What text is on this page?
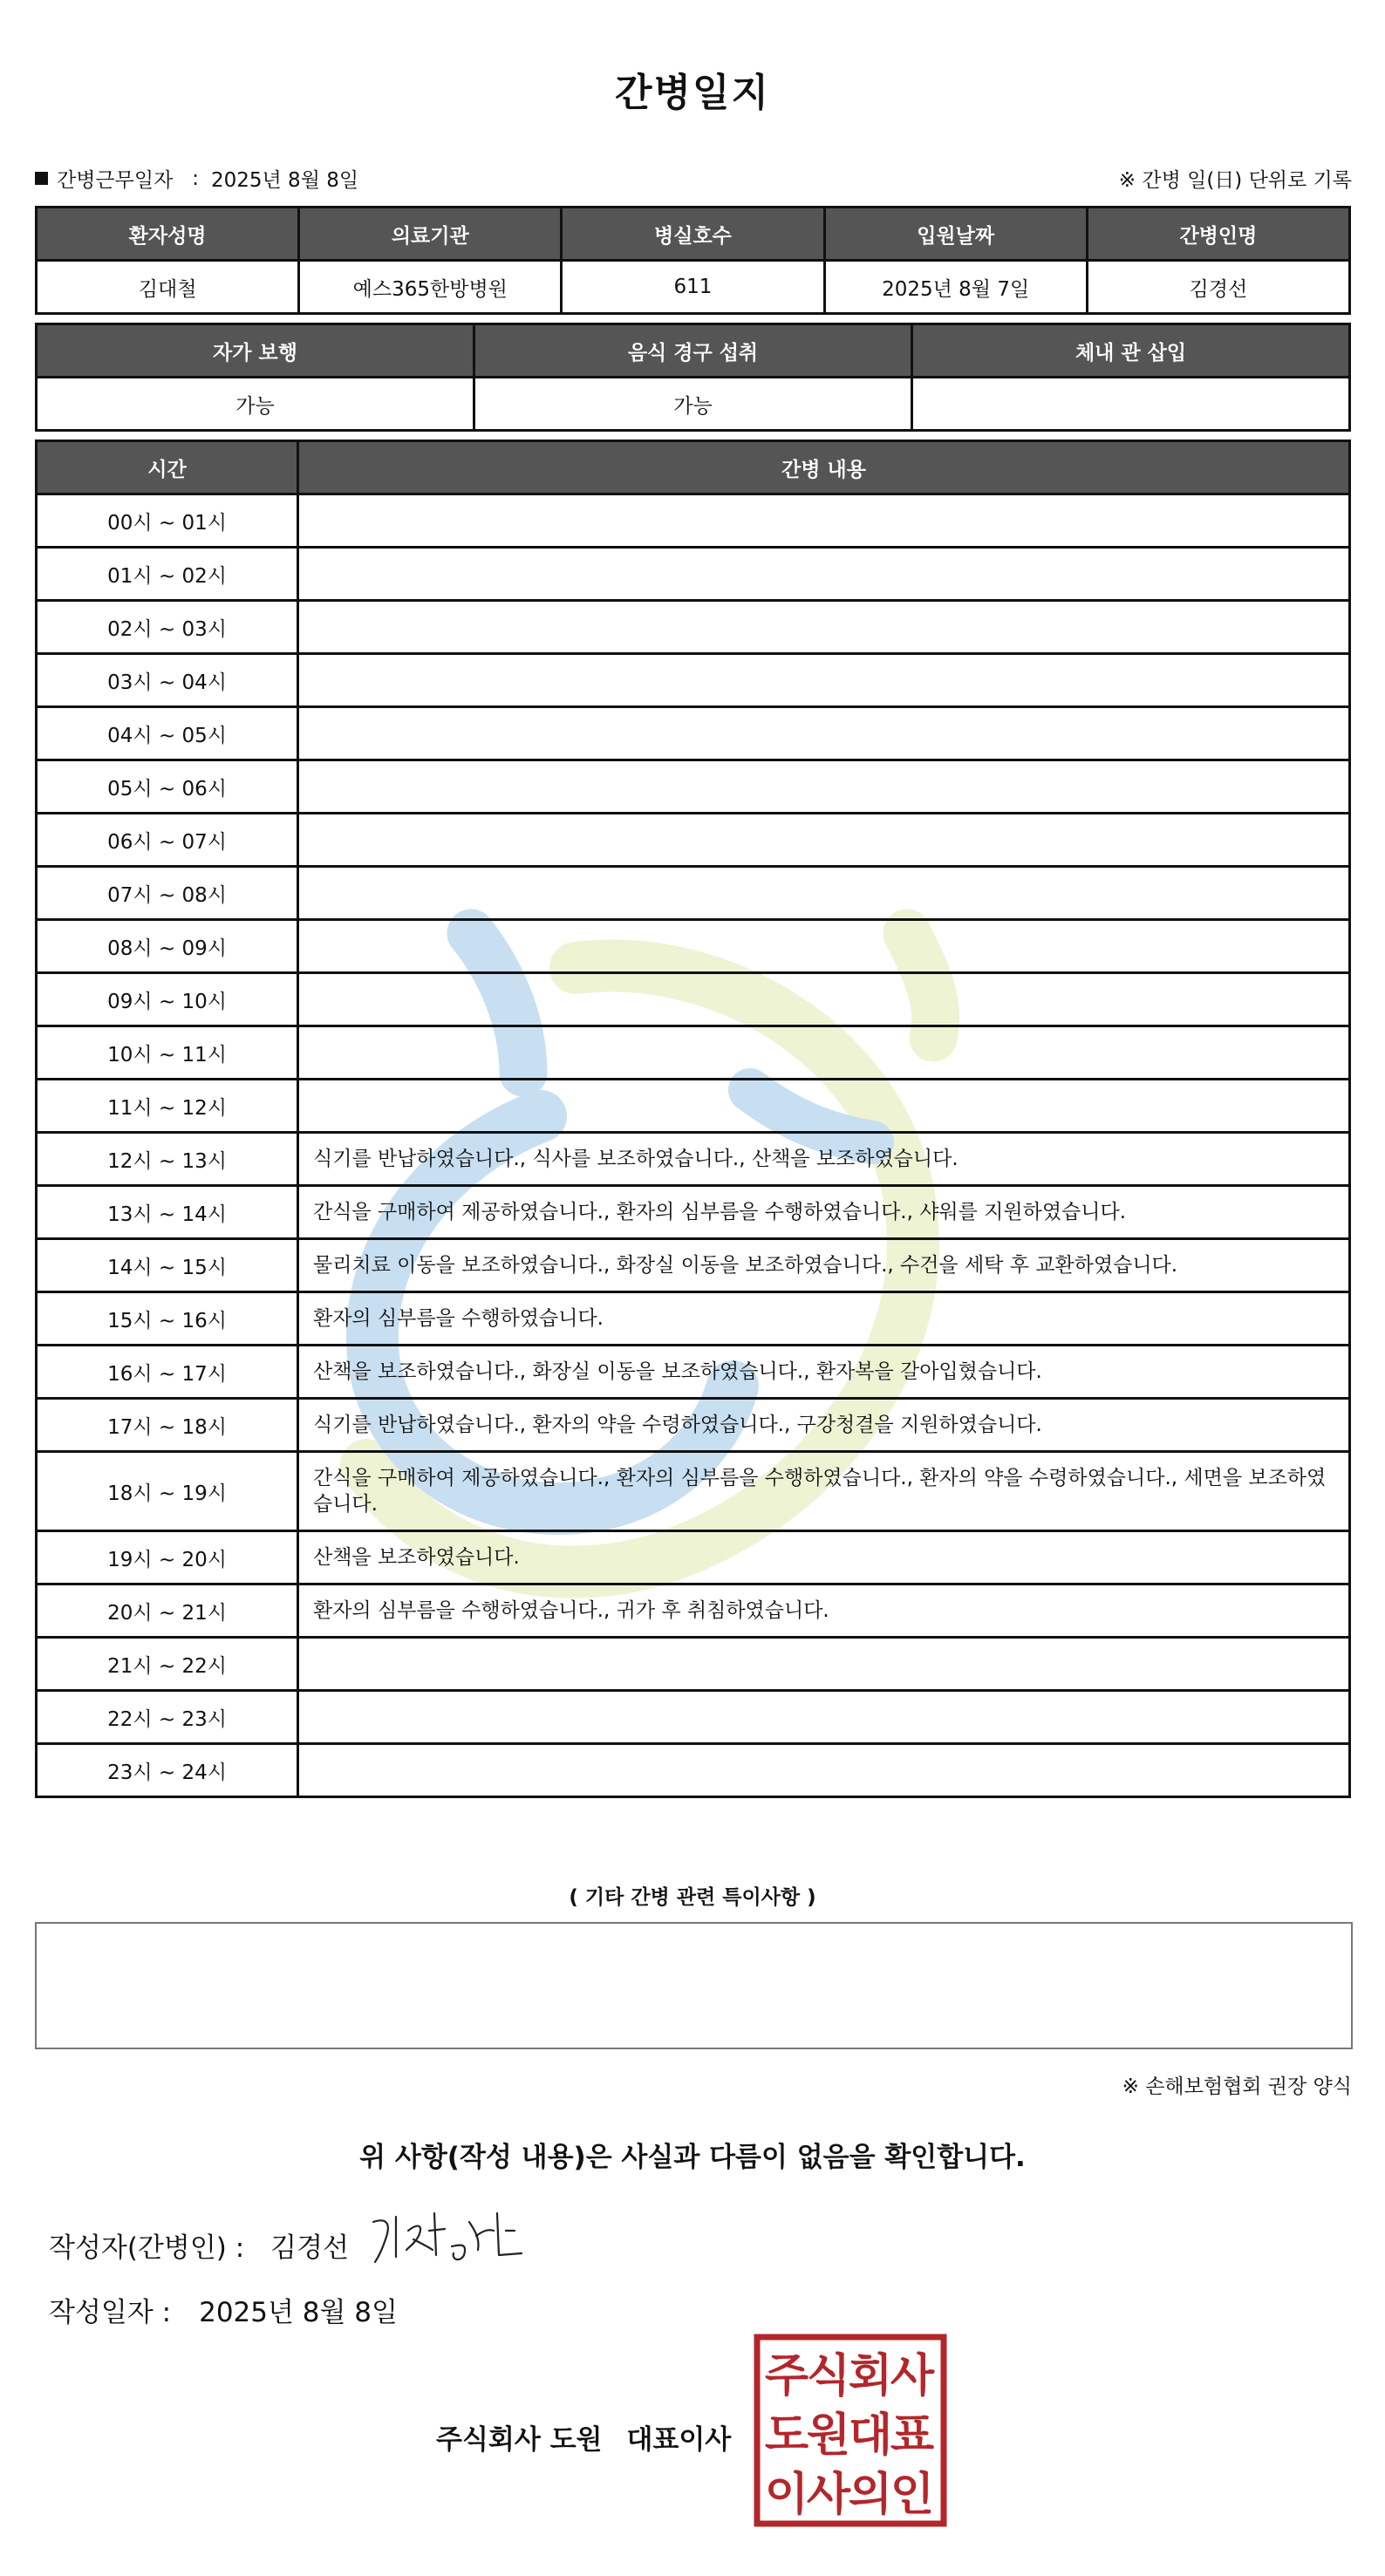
간병일지
간병근무일자
: 2025년 8월 8일	※ 간병 일(日) 단위로 기록
환자성명	의료기관	병실호수	입원날짜	간병인명
김대철	예스365한방병원	611	2025년 8월 7일	김경선
자가 보행	음식 경구 섭취	체내 관 삽입
가능	가능	
시간	간병 내용
00시 ~ 01시	
01시 ~ 02시	
02시 ~ 03시	
03시 ~ 04시	
04시 ~ 05시	
05시 ~ 06시	
06시 ~ 07시	
07시 ~ 08시	
08시 ~ 09시	
09시 ~ 10시	
10시 ~ 11시	
11시 ~ 12시	
12시 ~ 13시	식기를 반납하였습니다., 식사를 보조하였습니다., 산책을 보조하였습니다.
13시 ~ 14시	간식을 구매하여 제공하였습니다., 환자의 심부름을 수행하였습니다., 샤워를 지원하였습니다.
14시 ~ 15시	물리치료 이동을 보조하였습니다., 화장실 이동을 보조하였습니다., 수건을 세탁 후 교환하였습니다.
15시 ~ 16시	환자의 심부름을 수행하였습니다.
16시 ~ 17시	산책을 보조하였습니다., 화장실 이동을 보조하였습니다., 환자복을 갈아입혔습니다.
17시 ~ 18시	식기를 반납하였습니다., 환자의 약을 수령하였습니다., 구강청결을 지원하였습니다.
18시 ~ 19시	간식을 구매하여 제공하였습니다., 환자의 심부름을 수행하였습니다., 환자의 약을 수령하였습니다., 세면을 보조하였습니다.
19시 ~ 20시	산책을 보조하였습니다.
20시 ~ 21시	환자의 심부름을 수행하였습니다., 귀가 후 취침하였습니다.
21시 ~ 22시	
22시 ~ 23시	
23시 ~ 24시	
( 기타 간병 관련 특이사항 )
※ 손해보험협회 권장 양식
위 사항(작성 내용)은 사실과 다름이 없음을 확인합니다.
작성자(간병인) : 김경선
작성일자 : 2025년 8월 8일
주식회사 도원 대표이사
주
식
회
사
도
원
대
표
이
사
의
인
